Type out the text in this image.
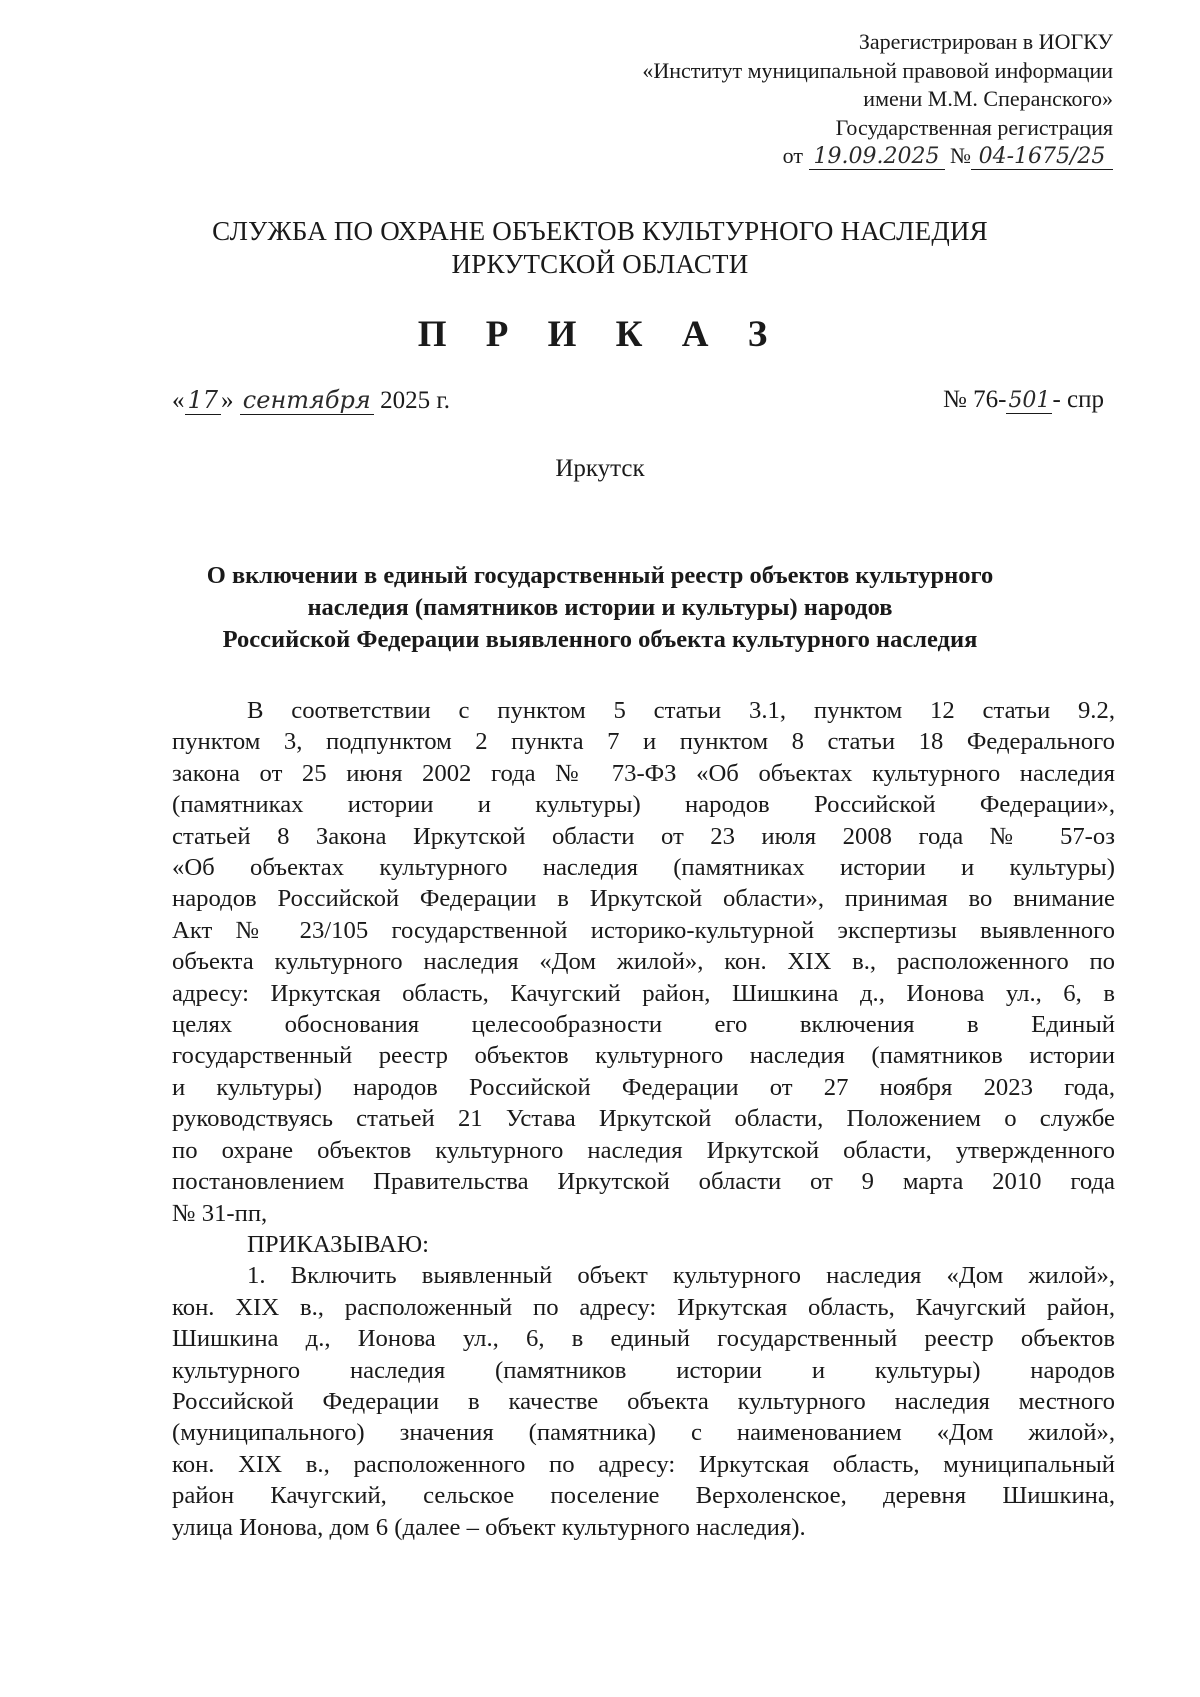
Зарегистрирован в ИОГКУ
«Институт муниципальной правовой информации
имени М.М. Сперанского»
Государственная регистрация
от 19.09.2025 № 04-1675/25
СЛУЖБА ПО ОХРАНЕ ОБЪЕКТОВ КУЛЬТУРНОГО НАСЛЕДИЯ
ИРКУТСКОЙ ОБЛАСТИ
П Р И К А З
« 17 » сентября 2025 г.	№ 76-501- спр
Иркутск
О включении в единый государственный реестр объектов культурного
наследия (памятников истории и культуры) народов
Российской Федерации выявленного объекта культурного наследия
В соответствии с пунктом 5 статьи 3.1, пунктом 12 статьи 9.2,
пунктом 3, подпунктом 2 пункта 7 и пунктом 8 статьи 18 Федерального
закона от 25 июня 2002 года № 73-ФЗ «Об объектах культурного наследия
(памятниках истории и культуры) народов Российской Федерации»,
статьей 8 Закона Иркутской области от 23 июля 2008 года № 57-оз
«Об объектах культурного наследия (памятниках истории и культуры)
народов Российской Федерации в Иркутской области», принимая во внимание
Акт № 23/105 государственной историко-культурной экспертизы выявленного
объекта культурного наследия «Дом жилой», кон. XIX в., расположенного по
адресу: Иркутская область, Качугский район, Шишкина д., Ионова ул., 6, в
целях обоснования целесообразности его включения в Единый
государственный реестр объектов культурного наследия (памятников истории
и культуры) народов Российской Федерации от 27 ноября 2023 года,
руководствуясь статьей 21 Устава Иркутской области, Положением о службе
по охране объектов культурного наследия Иркутской области, утвержденного
постановлением Правительства Иркутской области от 9 марта 2010 года
№ 31-пп,
ПРИКАЗЫВАЮ:
1. Включить выявленный объект культурного наследия «Дом жилой»,
кон. XIX в., расположенный по адресу: Иркутская область, Качугский район,
Шишкина д., Ионова ул., 6, в единый государственный реестр объектов
культурного наследия (памятников истории и культуры) народов
Российской Федерации в качестве объекта культурного наследия местного
(муниципального) значения (памятника) с наименованием «Дом жилой»,
кон. XIX в., расположенного по адресу: Иркутская область, муниципальный
район Качугский, сельское поселение Верхоленское, деревня Шишкина,
улица Ионова, дом 6 (далее – объект культурного наследия).
